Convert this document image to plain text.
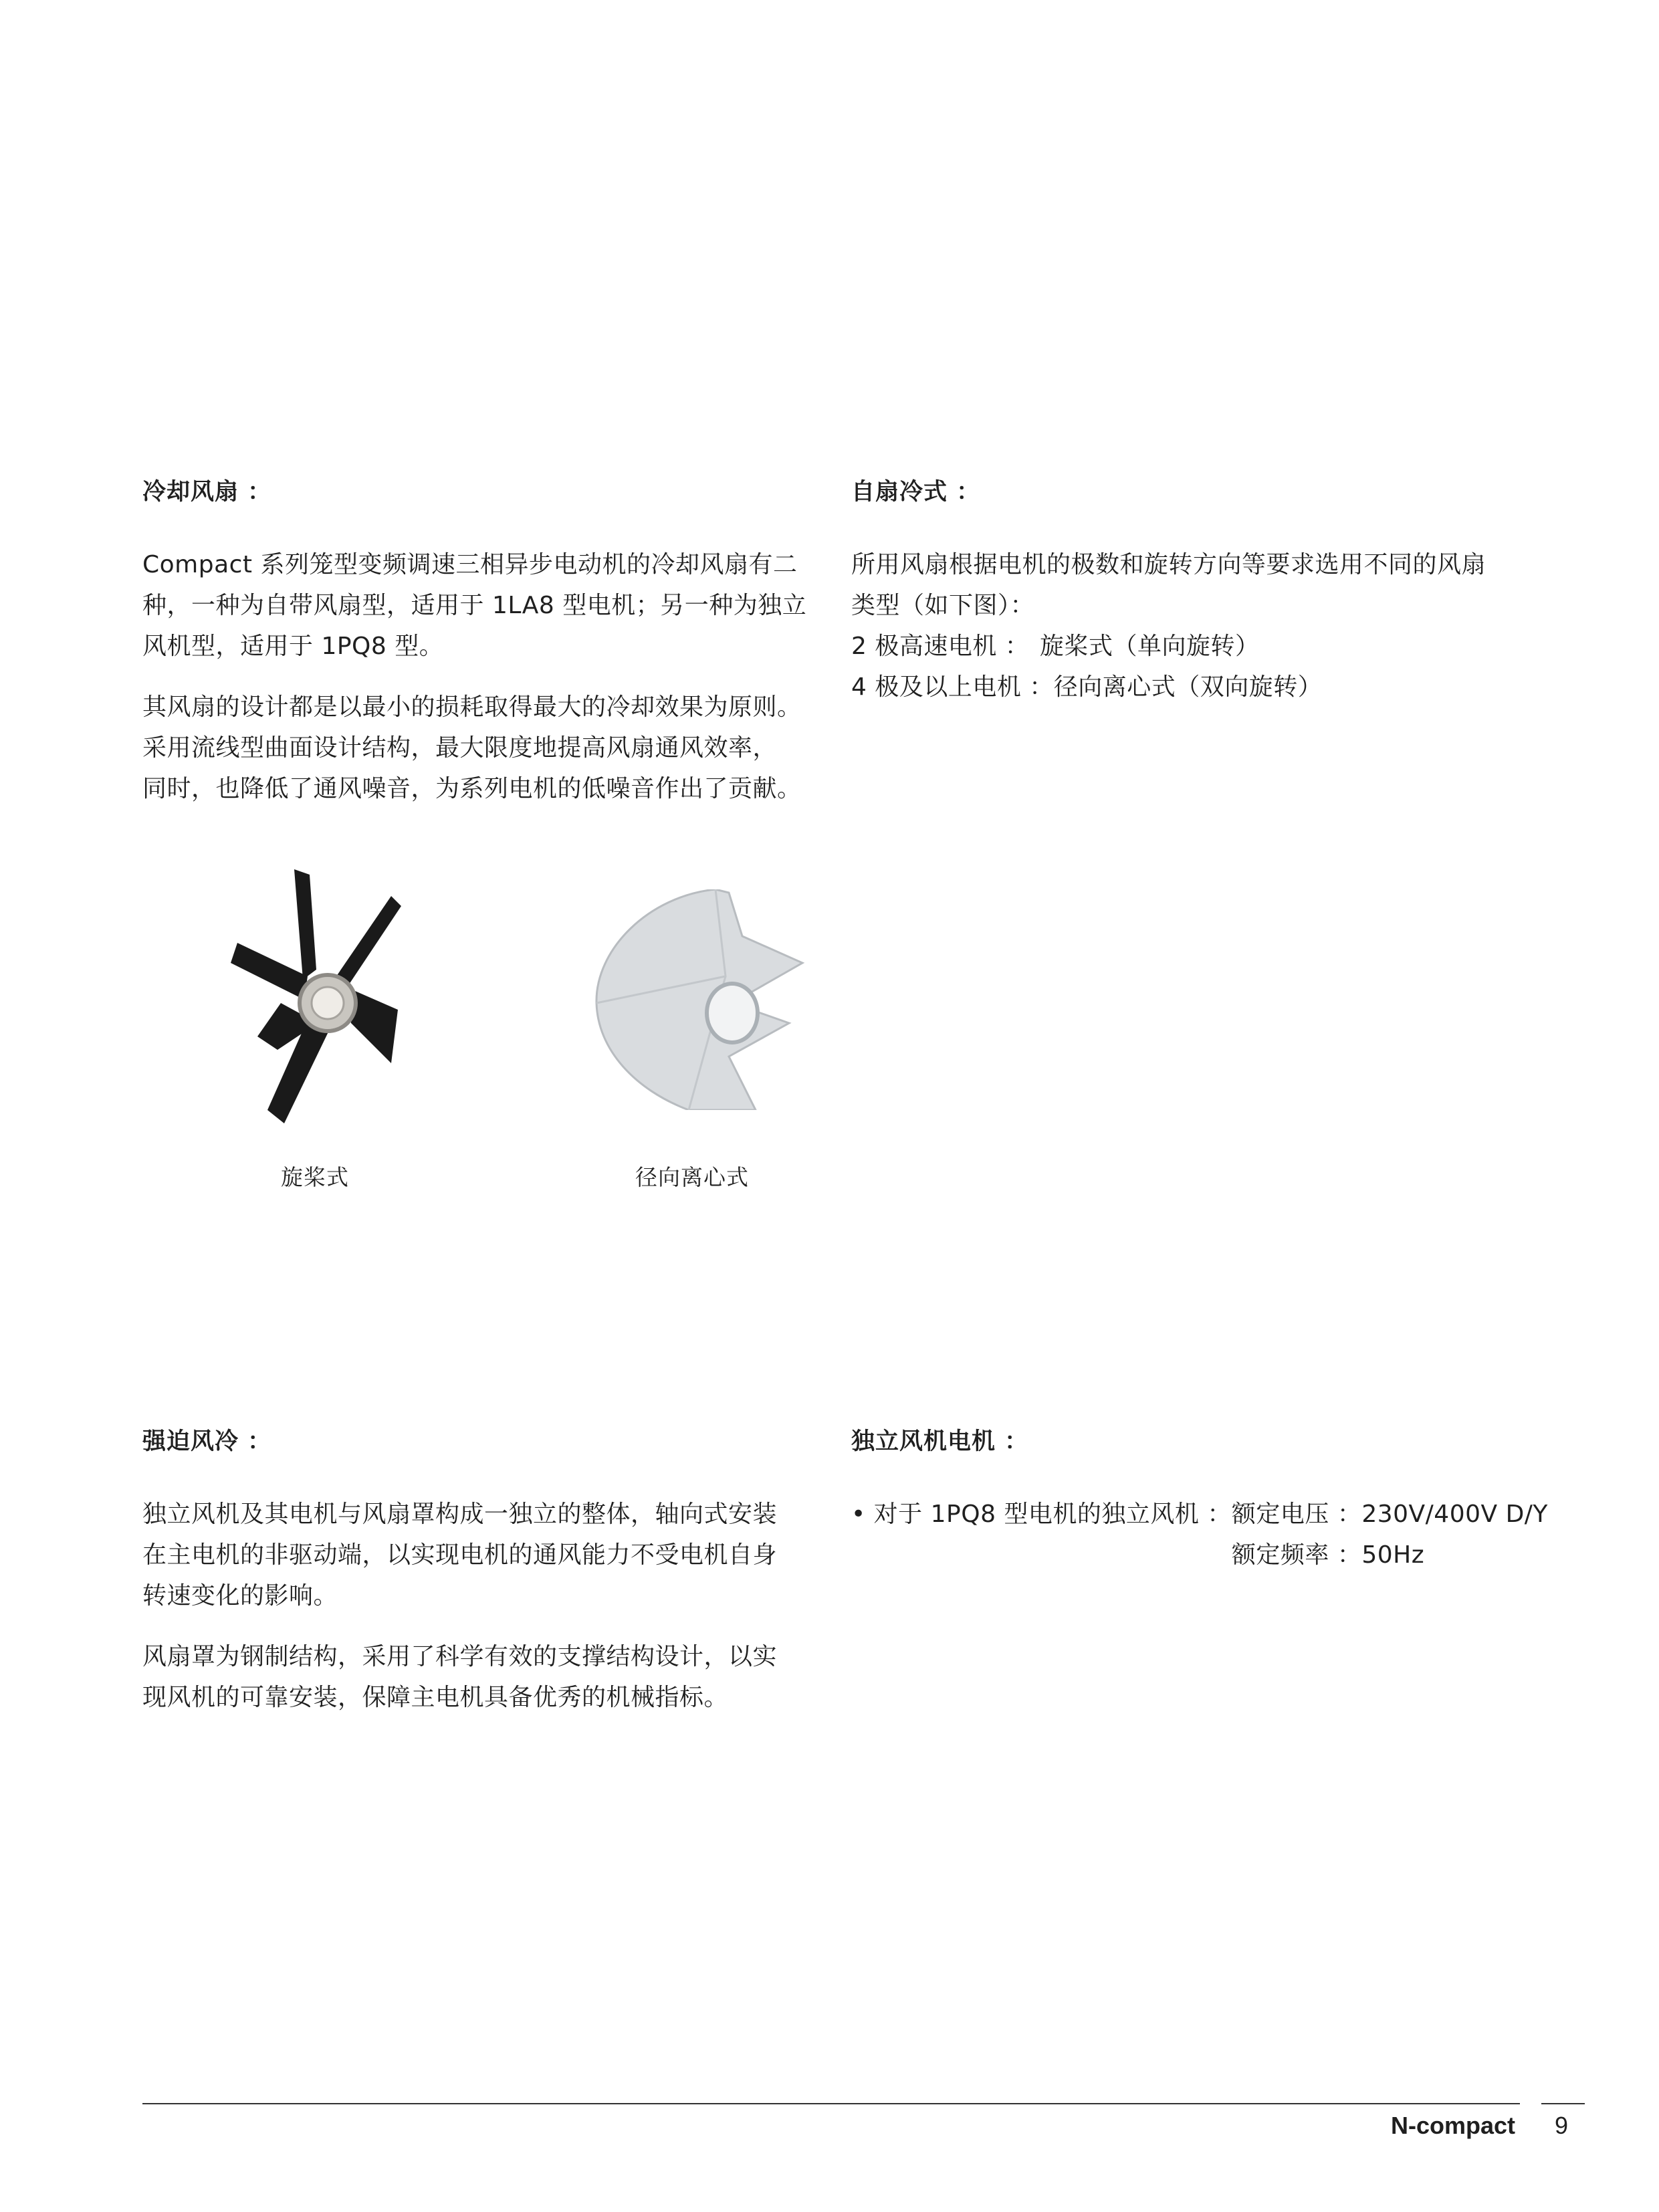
冷却风扇 ：

Compact 系列笼型变频调速三相异步电动机的冷却风扇有二

种，一种为自带风扇型，适用于 1LA8 型电机；另一种为独立

风机型，适用于 1PQ8 型。

其风扇的设计都是以最小的损耗取得最大的冷却效果为原则。

采用流线型曲面设计结构，最大限度地提高风扇通风效率，

同时，也降低了通风噪音，为系列电机的低噪音作出了贡献。

自扇冷式 ：

所用风扇根据电机的极数和旋转方向等要求选用不同的风扇

类型（如下图）：

2 极高速电机 ： 旋桨式（单向旋转）

4 极及以上电机 ：径向离心式（双向旋转）

旋桨式	径向离心式

强迫风冷 ：

独立风机及其电机与风扇罩构成一独立的整体，轴向式安装

在主电机的非驱动端，以实现电机的通风能力不受电机自身

转速变化的影响。

风扇罩为钢制结构，采用了科学有效的支撑结构设计，以实

现风机的可靠安装，保障主电机具备优秀的机械指标。

独立风机电机 ：

• 对于 1PQ8 型电机的独立风机 ： 额定电压 ：230V/400V D/Y

额定频率 ：50Hz

N-compact 9
